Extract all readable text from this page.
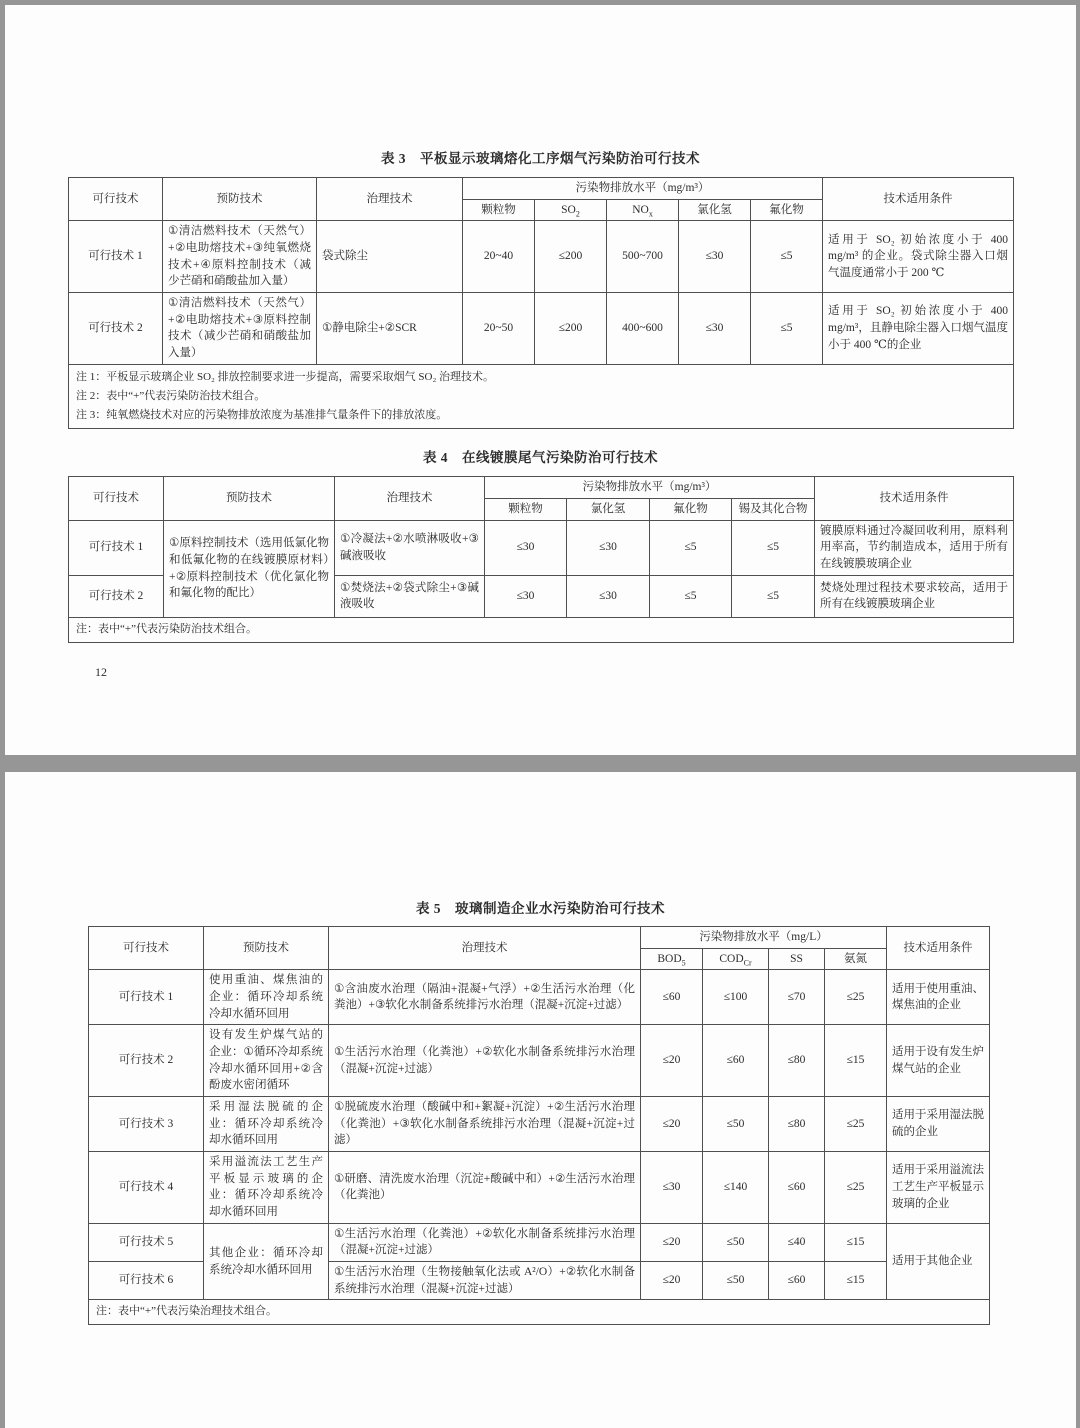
表 3　平板显示玻璃熔化工序烟气污染防治可行技术
可行技术	预防技术	治理技术	污染物排放水平（mg/m³）					技术适用条件
			颗粒物	$SO_2$	$NO_x$	氯化氢	氟化物	
可行技术 1	①清洁燃料技术（天然气）+②电助熔技术+③纯氧燃烧技术+④原料控制技术（减少芒硝和硝酸盐加入量）	袋式除尘	20~40	≤200	500~700	≤30	≤5	适用于 SO₂ 初始浓度小于 400 mg/m³ 的企业。袋式除尘器入口烟气温度通常小于 200 ℃
可行技术 2	①清洁燃料技术（天然气）+②电助熔技术+③原料控制技术（减少芒硝和硝酸盐加入量）	①静电除尘+②SCR	20~50	≤200	400~600	≤30	≤5	适用于 SO₂ 初始浓度小于 400 mg/m³，且静电除尘器入口烟气温度小于 400 ℃的企业

注 1：平板显示玻璃企业 SO₂ 排放控制要求进一步提高，需要采取烟气 SO₂ 治理技术。
注 2：表中“+”代表污染防治技术组合。
注 3：纯氧燃烧技术对应的污染物排放浓度为基准排气量条件下的排放浓度。								
表 4　在线镀膜尾气污染防治可行技术
可行技术	预防技术	治理技术	污染物排放水平（mg/m³）				技术适用条件
			颗粒物	氯化氢	氟化物	锡及其化合物	
可行技术 1	①原料控制技术（选用低氯化物和低氟化物的在线镀膜原材料）+②原料控制技术（优化氯化物和氟化物的配比）	①冷凝法+②水喷淋吸收+③碱液吸收	≤30	≤30	≤5	≤5	镀膜原料通过冷凝回收利用，原料利用率高，节约制造成本，适用于所有在线镀膜玻璃企业
可行技术 2		①焚烧法+②袋式除尘+③碱液吸收	≤30	≤30	≤5	≤5	焚烧处理过程技术要求较高，适用于所有在线镀膜玻璃企业
注：表中“+”代表污染防治技术组合。							
12
表 5　玻璃制造企业水污染防治可行技术
可行技术	预防技术	治理技术	污染物排放水平（mg/L）				技术适用条件
			$BOD_5$	$COD_{Cr}$	SS	氨氮	
可行技术 1	使用重油、煤焦油的企业：循环冷却系统冷却水循环回用	①含油废水治理（隔油+混凝+气浮）+②生活污水治理（化粪池）+③软化水制备系统排污水治理（混凝+沉淀+过滤）	≤60	≤100	≤70	≤25	适用于使用重油、煤焦油的企业
可行技术 2	设有发生炉煤气站的企业：①循环冷却系统冷却水循环回用+②含酚废水密闭循环	①生活污水治理（化粪池）+②软化水制备系统排污水治理（混凝+沉淀+过滤）	≤20	≤60	≤80	≤15	适用于设有发生炉煤气站的企业
可行技术 3	采用湿法脱硫的企业：循环冷却系统冷却水循环回用	①脱硫废水治理（酸碱中和+絮凝+沉淀）+②生活污水治理（化粪池）+③软化水制备系统排污水治理（混凝+沉淀+过滤）	≤20	≤50	≤80	≤25	适用于采用湿法脱硫的企业
可行技术 4	采用溢流法工艺生产平板显示玻璃的企业：循环冷却系统冷却水循环回用	①研磨、清洗废水治理（沉淀+酸碱中和）+②生活污水治理（化粪池）	≤30	≤140	≤60	≤25	适用于采用溢流法工艺生产平板显示玻璃的企业
可行技术 5	其他企业：循环冷却系统冷却水循环回用	①生活污水治理（化粪池）+②软化水制备系统排污水治理（混凝+沉淀+过滤）	≤20	≤50	≤40	≤15	适用于其他企业
可行技术 6		①生活污水治理（生物接触氧化法或 A²/O）+②软化水制备系统排污水治理（混凝+沉淀+过滤）	≤20	≤50	≤60	≤15	
注：表中“+”代表污染治理技术组合。							
